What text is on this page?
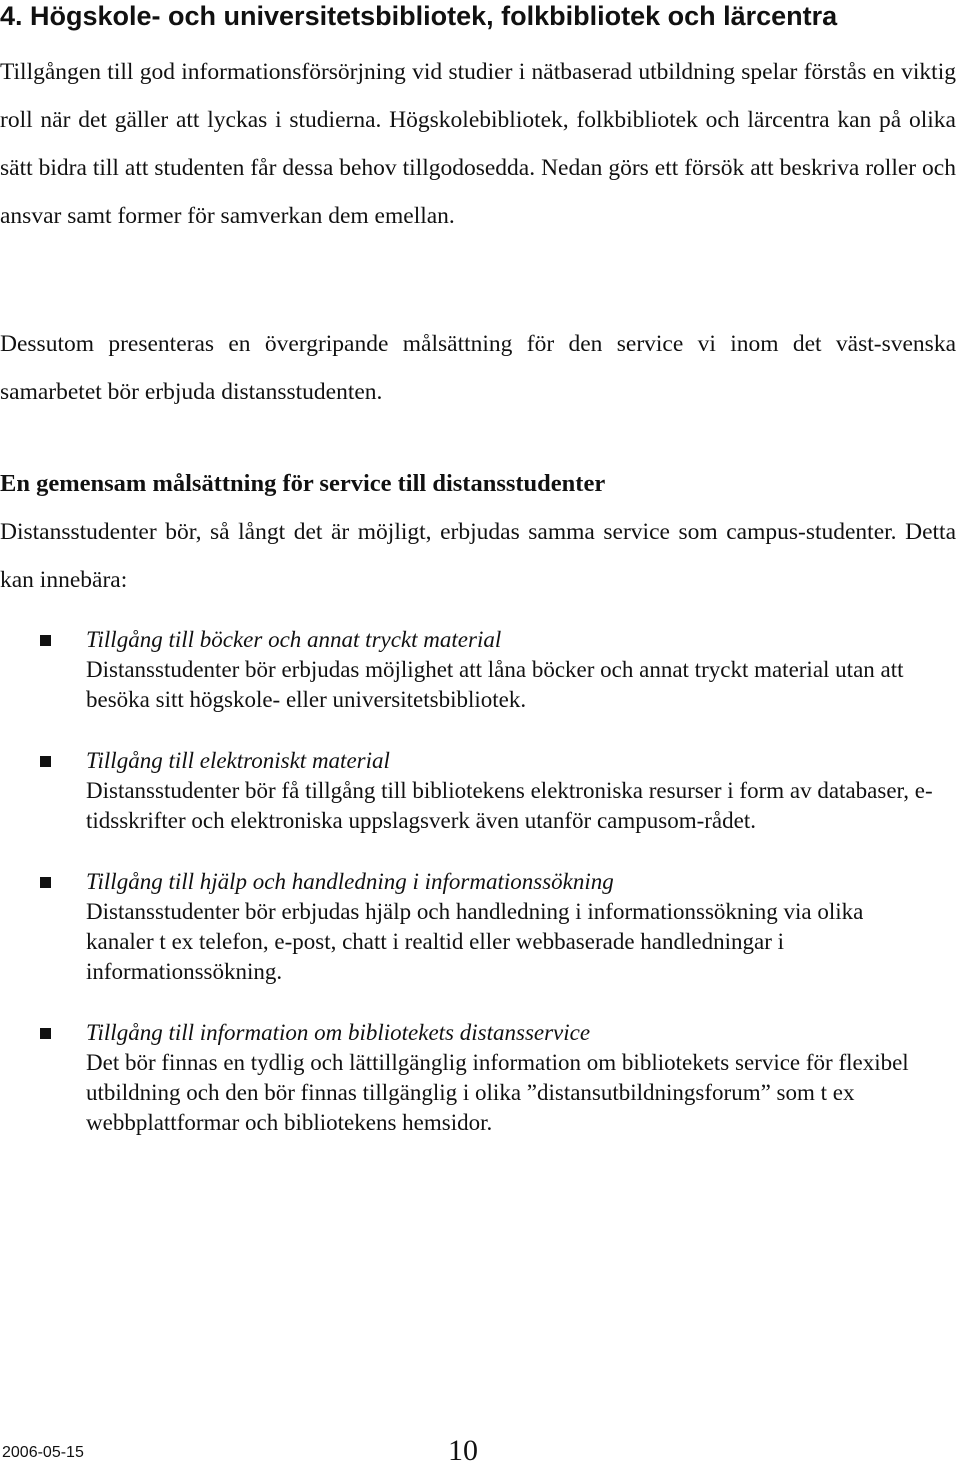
4. Högskole- och universitetsbibliotek, folkbibliotek och lärcentra

Tillgången till god informationsförsörjning vid studier i nätbaserad utbildning spelar förstås en viktig roll när det gäller att lyckas i studierna. Högskolebibliotek, folkbibliotek och lärcentra kan på olika sätt bidra till att studenten får dessa behov tillgodosedda. Nedan görs ett försök att beskriva roller och ansvar samt former för samverkan dem emellan.

Dessutom presenteras en övergripande målsättning för den service vi inom det väst-svenska samarbetet bör erbjuda distansstudenten.

En gemensam målsättning för service till distansstudenter

Distansstudenter bör, så långt det är möjligt, erbjudas samma service som campus-studenter. Detta kan innebära:

Tillgång till böcker och annat tryckt material
Distansstudenter bör erbjudas möjlighet att låna böcker och annat tryckt material utan att besöka sitt högskole- eller universitetsbibliotek.
Tillgång till elektroniskt material
Distansstudenter bör få tillgång till bibliotekens elektroniska resurser i form av databaser, e-tidsskrifter och elektroniska uppslagsverk även utanför campusom-rådet.
Tillgång till hjälp och handledning i informationssökning
Distansstudenter bör erbjudas hjälp och handledning i informationssökning via olika kanaler t ex telefon, e-post, chatt i realtid eller webbaserade handledningar i informationssökning.
Tillgång till information om bibliotekets distansservice
Det bör finnas en tydlig och lättillgänglig information om bibliotekets service för flexibel utbildning och den bör finnas tillgänglig i olika ”distansutbildningsforum” som t ex webbplattformar och bibliotekens hemsidor.
2006-05-15	10
